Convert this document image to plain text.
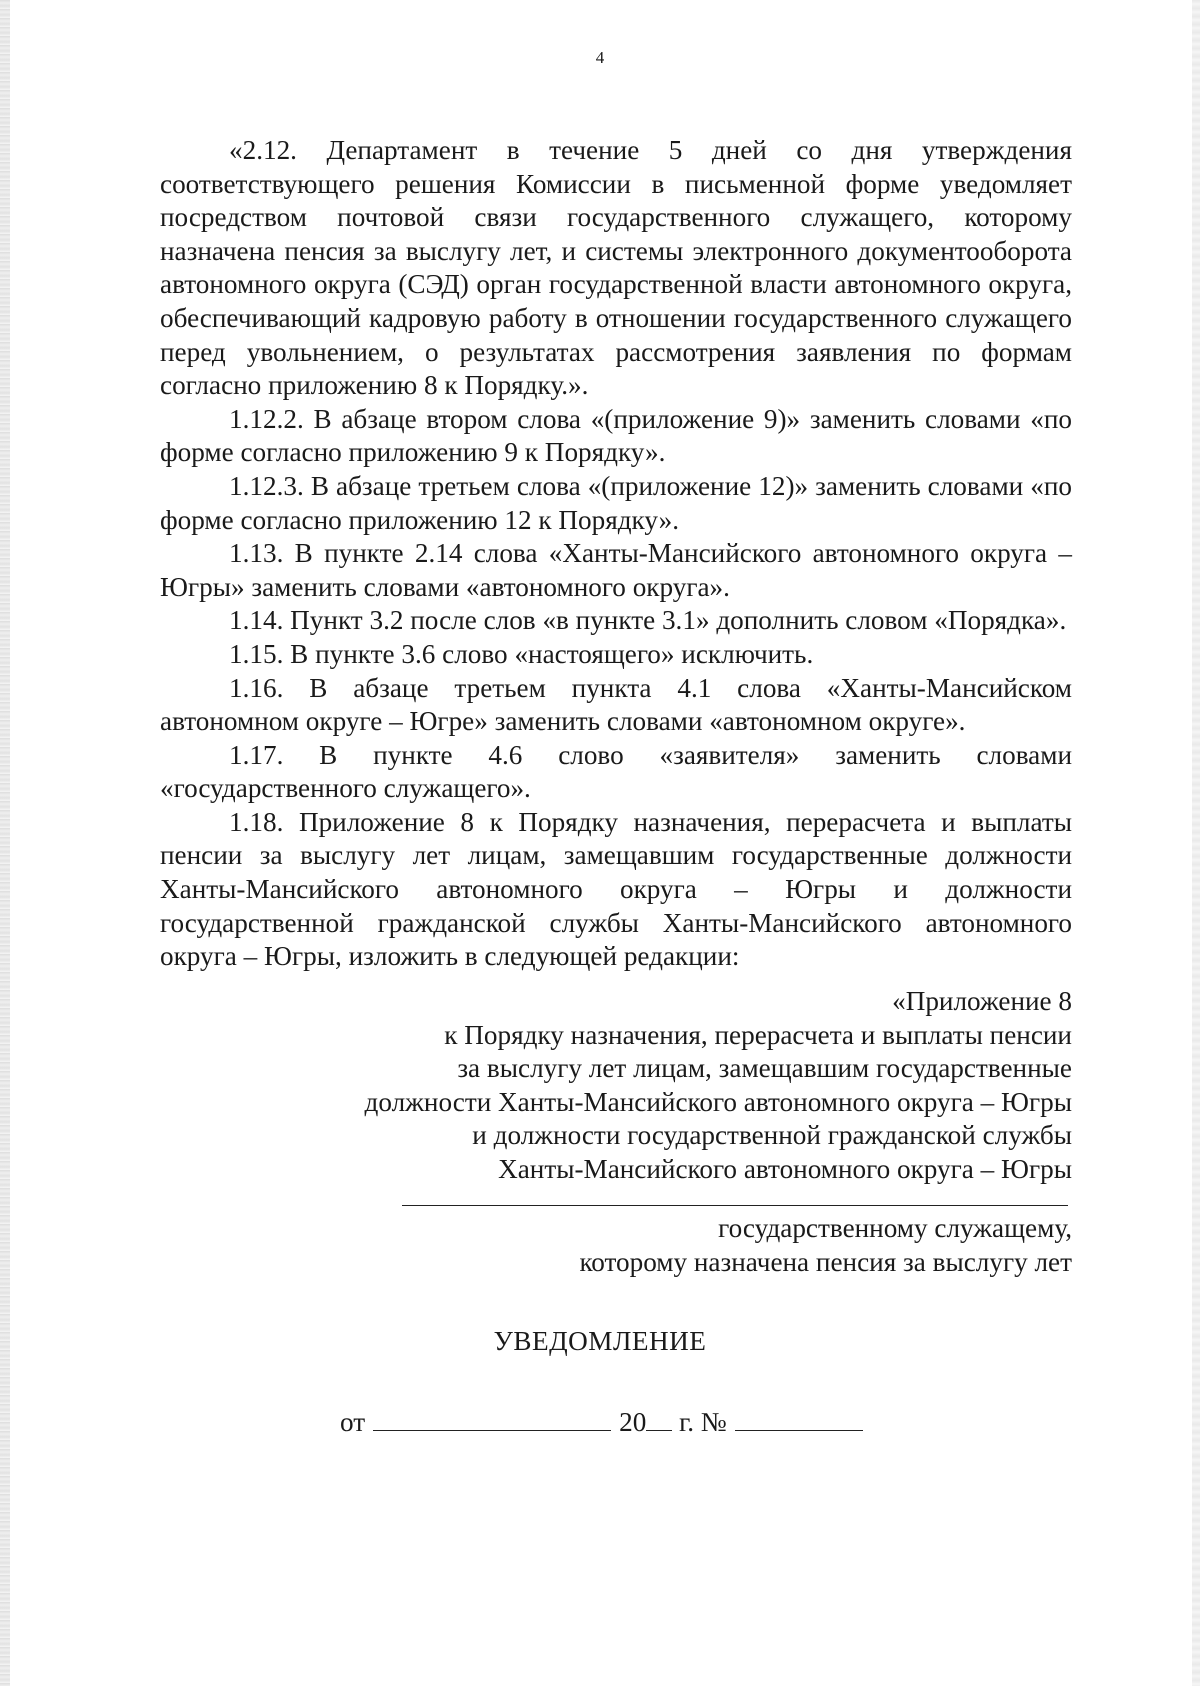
4

«2.12. Департамент в течение 5 дней со дня утверждения соответствующего решения Комиссии в письменной форме уведомляет посредством почтовой связи государственного служащего, которому назначена пенсия за выслугу лет, и системы электронного документооборота автономного округа (СЭД) орган государственной власти автономного округа, обеспечивающий кадровую работу в отношении государственного служащего перед увольнением, о результатах рассмотрения заявления по формам согласно приложению 8 к Порядку.».

1.12.2. В абзаце втором слова «(приложение 9)» заменить словами «по форме согласно приложению 9 к Порядку».

1.12.3. В абзаце третьем слова «(приложение 12)» заменить словами «по форме согласно приложению 12 к Порядку».

1.13. В пункте 2.14 слова «Ханты-Мансийского автономного округа – Югры» заменить словами «автономного округа».

1.14. Пункт 3.2 после слов «в пункте 3.1» дополнить словом «Порядка».

1.15. В пункте 3.6 слово «настоящего» исключить.

1.16. В абзаце третьем пункта 4.1 слова «Ханты-Мансийском автономном округе – Югре» заменить словами «автономном округе».

1.17. В пункте 4.6 слово «заявителя» заменить словами «государственного служащего».

1.18. Приложение 8 к Порядку назначения, перерасчета и выплаты пенсии за выслугу лет лицам, замещавшим государственные должности Ханты-Мансийского автономного округа – Югры и должности государственной гражданской службы Ханты-Мансийского автономного округа – Югры, изложить в следующей редакции:

«Приложение 8
к Порядку назначения, перерасчета и выплаты пенсии
за выслугу лет лицам, замещавшим государственные
должности Ханты-Мансийского автономного округа – Югры
и должности государственной гражданской службы
Ханты-Мансийского автономного округа – Югры
государственному служащему,
которому назначена пенсия за выслугу лет
УВЕДОМЛЕНИЕ
от	20 г. №
